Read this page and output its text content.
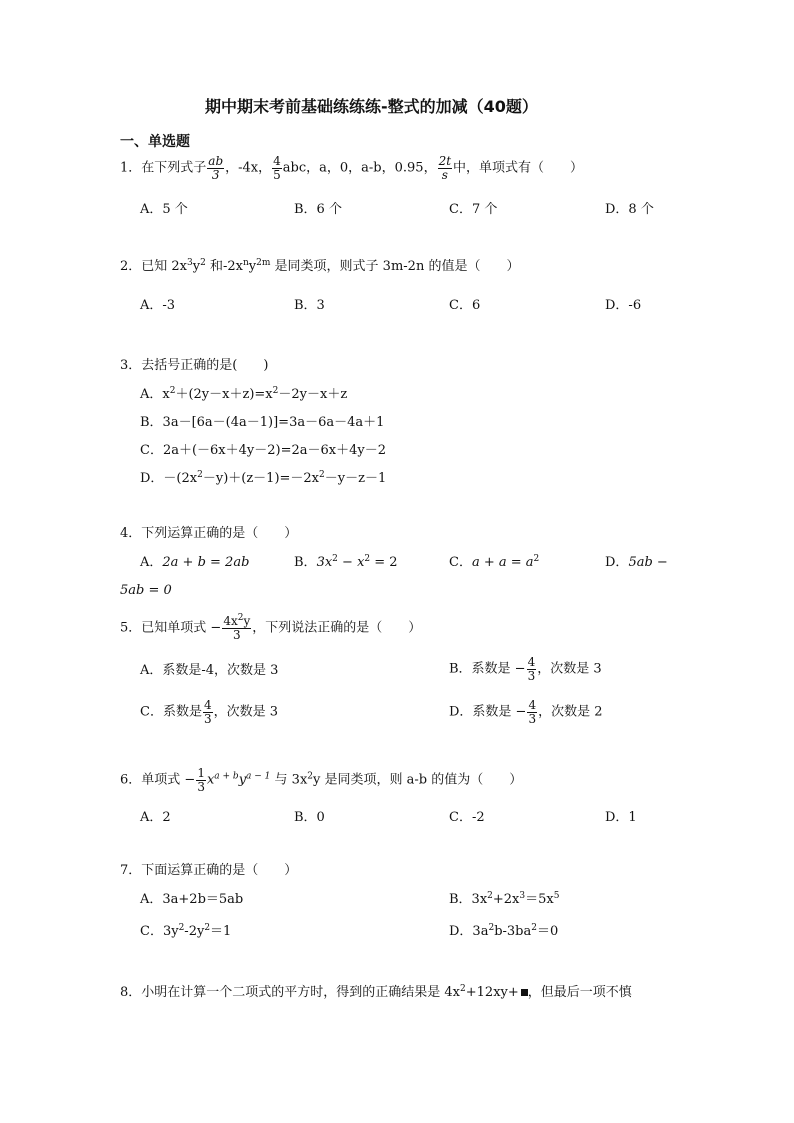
期中期末考前基础练练练-整式的加减（40题）
一、单选题
1．在下列式子 $\frac{ab}{3}$ ，-4x， $\frac{4}{5}$ abc，a，0，a-b，0.95， $\frac{2t}{s}$ 中，单项式有（　　）
A．5 个	B．6 个	C．7 个	D．8 个
2．已知 $2x^3y^2$ 和$-2x^ny^{2m}$ 是同类项，则式子 3m-2n 的值是（　　）
A．-3	B．3	C．6	D．-6
3．去括号正确的是(　　)
A．$x^2+(2y-x+z)=x^2-2y-x+z$
B．3a－[6a－(4a－1)]=3a－6a－4a＋1
C．2a＋(－6x＋4y－2)=2a－6x＋4y－2
D．$-(2x^2-y)+(z-1)=-2x^2-y-z-1$
4．下列运算正确的是（　　）
A．2a + b = 2ab	B．$3x^2 - x^2 = 2$	C．$a + a = a^2$	D．5ab −
5ab = 0
5．已知单项式 − $\frac{4x^2y}{3}$ ，下列说法正确的是（　　）
A．系数是-4，次数是 3	B．系数是 − $\frac{4}{3}$ ，次数是 3
C．系数是 $\frac{4}{3}$ ，次数是 3	D．系数是 − $\frac{4}{3}$ ，次数是 2
6．单项式 − $\frac{1}{3} x^{a + b}y^{a - 1}$ 与 $3x^2y$ 是同类项，则 a-b 的值为（　　）
A．2	B．0	C．-2	D．1
7．下面运算正确的是（　　）
A．3a+2b＝5ab	B．$3x^2+2x^3=5x^5$
C．$3y^2-2y^2=1$	D．$3a^2b-3ba^2=0$
8．小明在计算一个二项式的平方时，得到的正确结果是 $4x^2+12xy+$ ，但最后一项不慎
